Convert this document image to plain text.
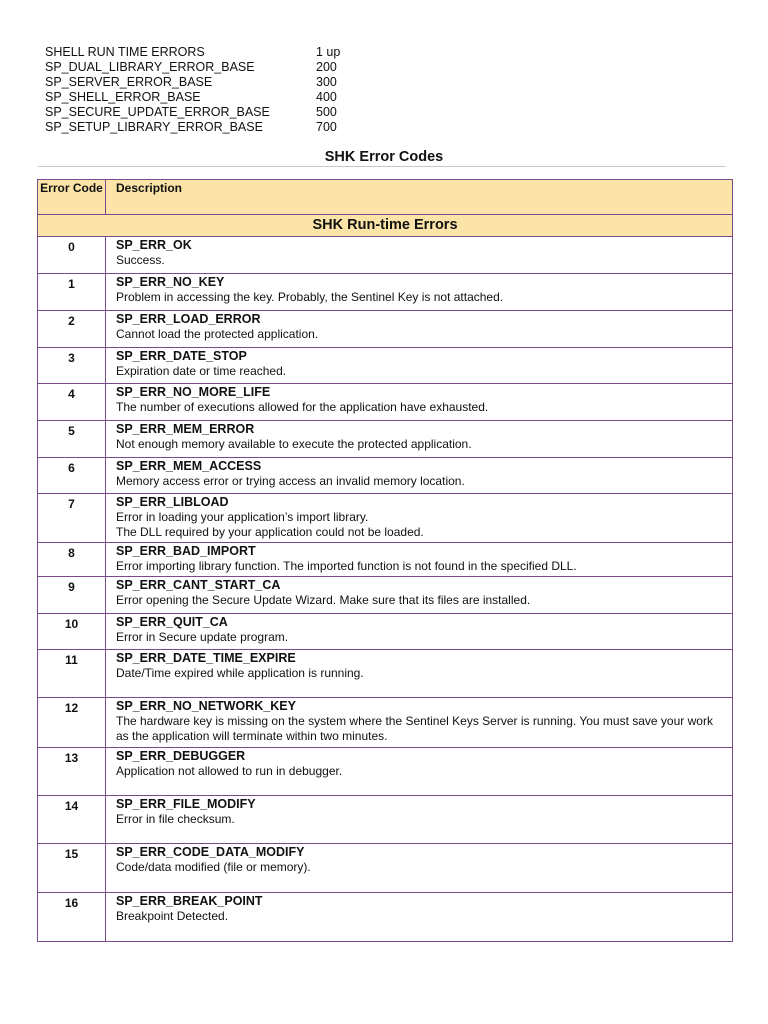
SHELL RUN TIME ERRORS	1 up
SP_DUAL_LIBRARY_ERROR_BASE	200
SP_SERVER_ERROR_BASE	300
SP_SHELL_ERROR_BASE	400
SP_SECURE_UPDATE_ERROR_BASE	500
SP_SETUP_LIBRARY_ERROR_BASE	700
SHK Error Codes
Error Code	Description
SHK Run-time Errors	
0	SP_ERR_OK
Success.

1	SP_ERR_NO_KEY
Problem in accessing the key. Probably, the Sentinel Key is not attached.

2	SP_ERR_LOAD_ERROR
Cannot load the protected application.

3	SP_ERR_DATE_STOP
Expiration date or time reached.

4	SP_ERR_NO_MORE_LIFE
The number of executions allowed for the application have exhausted.

5	SP_ERR_MEM_ERROR
Not enough memory available to execute the protected application.

6	SP_ERR_MEM_ACCESS
Memory access error or trying access an invalid memory location.

7	SP_ERR_LIBLOAD
Error in loading your application’s import library.
The DLL required by your application could not be loaded.

8	SP_ERR_BAD_IMPORT
Error importing library function. The imported function is not found in the specified DLL.

9	SP_ERR_CANT_START_CA
Error opening the Secure Update Wizard. Make sure that its files are installed.

10	SP_ERR_QUIT_CA
Error in Secure update program.

11	SP_ERR_DATE_TIME_EXPIRE
Date/Time expired while application is running.

12	SP_ERR_NO_NETWORK_KEY
The hardware key is missing on the system where the Sentinel Keys Server is running. You must save your work as the application will terminate within two minutes.

13	SP_ERR_DEBUGGER
Application not allowed to run in debugger.

14	SP_ERR_FILE_MODIFY
Error in file checksum.

15	SP_ERR_CODE_DATA_MODIFY
Code/data modified (file or memory).

16	SP_ERR_BREAK_POINT
Breakpoint Detected.
